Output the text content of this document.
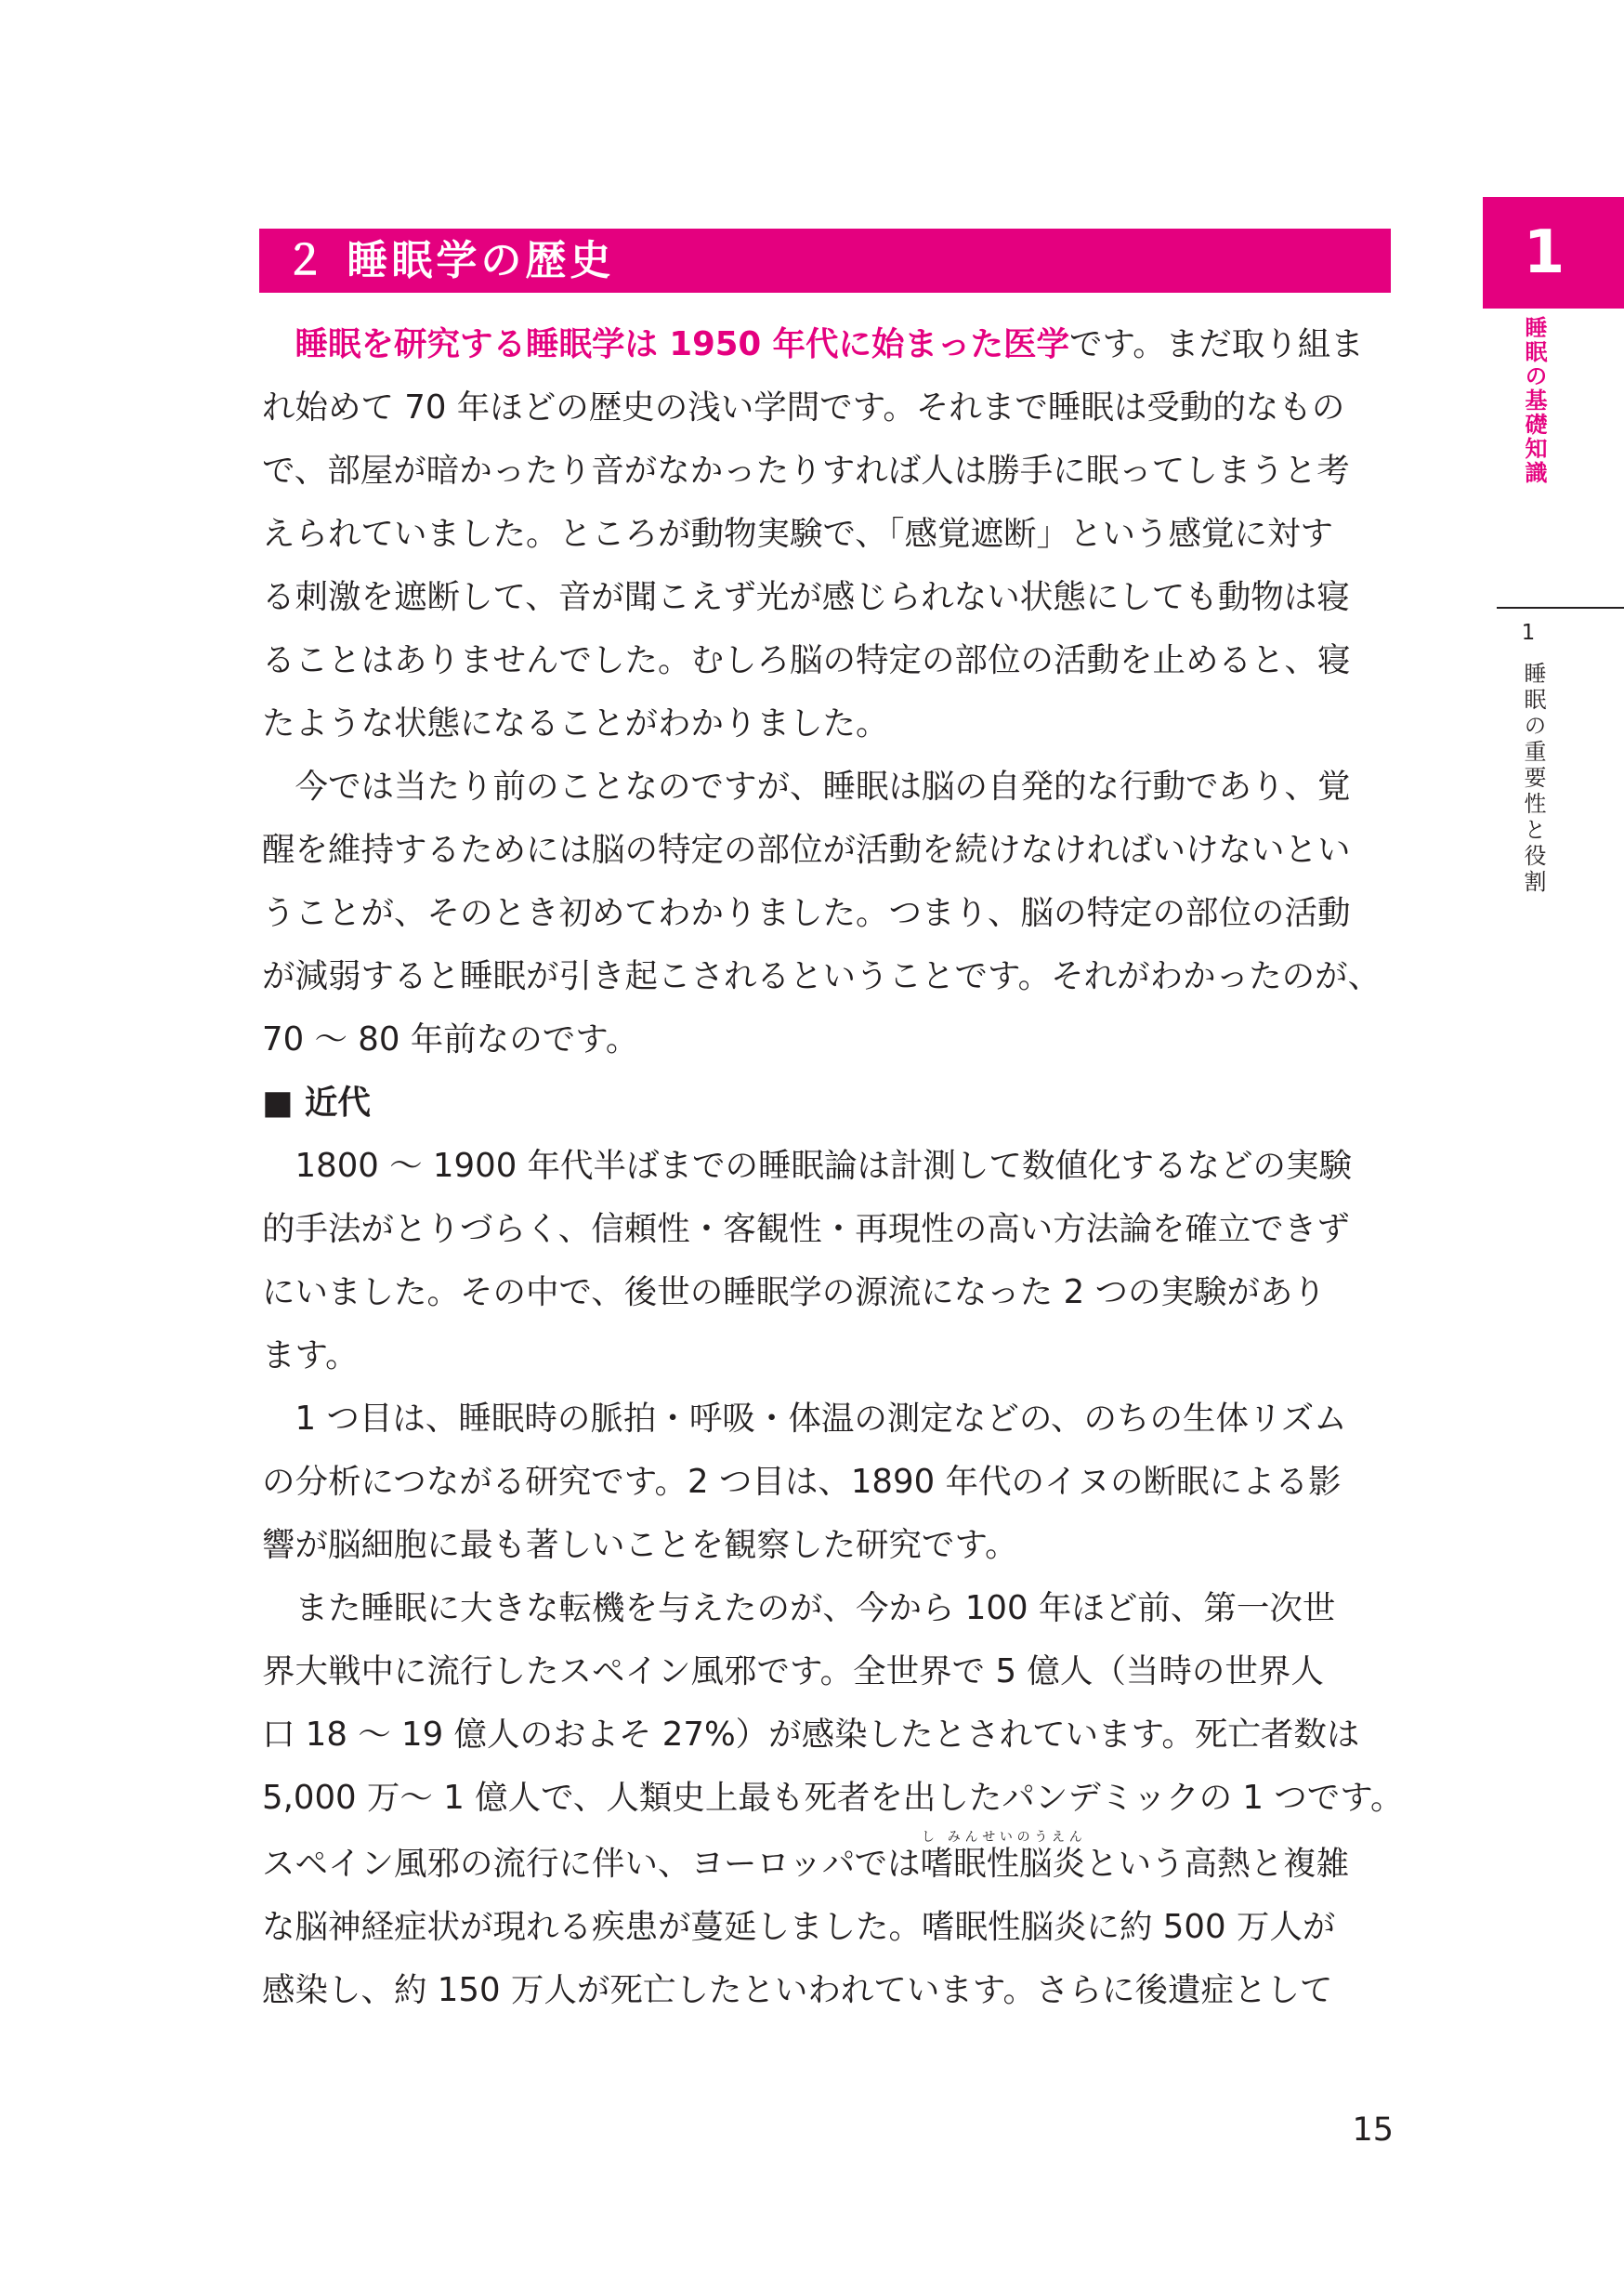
２ 睡眠学の歴史	1
睡眠の基礎知識
1
睡眠の重要性と役割

　睡眠を研究する睡眠学は 1950 年代に始まった医学です。まだ取り組ま

れ始めて 70 年ほどの歴史の浅い学問です。それまで睡眠は受動的なもの

で、部屋が暗かったり音がなかったりすれば人は勝手に眠ってしまうと考

えられていました。ところが動物実験で、「感覚遮断」という感覚に対す

る刺激を遮断して、音が聞こえず光が感じられない状態にしても動物は寝

ることはありませんでした。むしろ脳の特定の部位の活動を止めると、寝

たような状態になることがわかりました。

　今では当たり前のことなのですが、睡眠は脳の自発的な行動であり、覚

醒を維持するためには脳の特定の部位が活動を続けなければいけないとい

うことが、そのとき初めてわかりました。つまり、脳の特定の部位の活動

が減弱すると睡眠が引き起こされるということです。それがわかったのが、

70 〜 80 年前なのです。

■ 近代

　1800 〜 1900 年代半ばまでの睡眠論は計測して数値化するなどの実験

的手法がとりづらく、信頼性・客観性・再現性の高い方法論を確立できず

にいました。その中で、後世の睡眠学の源流になった 2 つの実験があり

ます。

　1 つ目は、睡眠時の脈拍・呼吸・体温の測定などの、のちの生体リズム

の分析につながる研究です。2 つ目は、1890 年代のイヌの断眠による影

響が脳細胞に最も著しいことを観察した研究です。

　また睡眠に大きな転機を与えたのが、今から 100 年ほど前、第一次世

界大戦中に流行したスペイン風邪です。全世界で 5 億人（当時の世界人

口 18 〜 19 億人のおよそ 27%）が感染したとされています。死亡者数は

5,000 万〜 1 億人で、人類史上最も死者を出したパンデミックの 1 つです。

スペイン風邪の流行に伴い、ヨーロッパでは嗜眠性脳炎し みんせいのうえんという高熱と複雑

な脳神経症状が現れる疾患が蔓延しました。嗜眠性脳炎に約 500 万人が

感染し、約 150 万人が死亡したといわれています。さらに後遺症として

15
